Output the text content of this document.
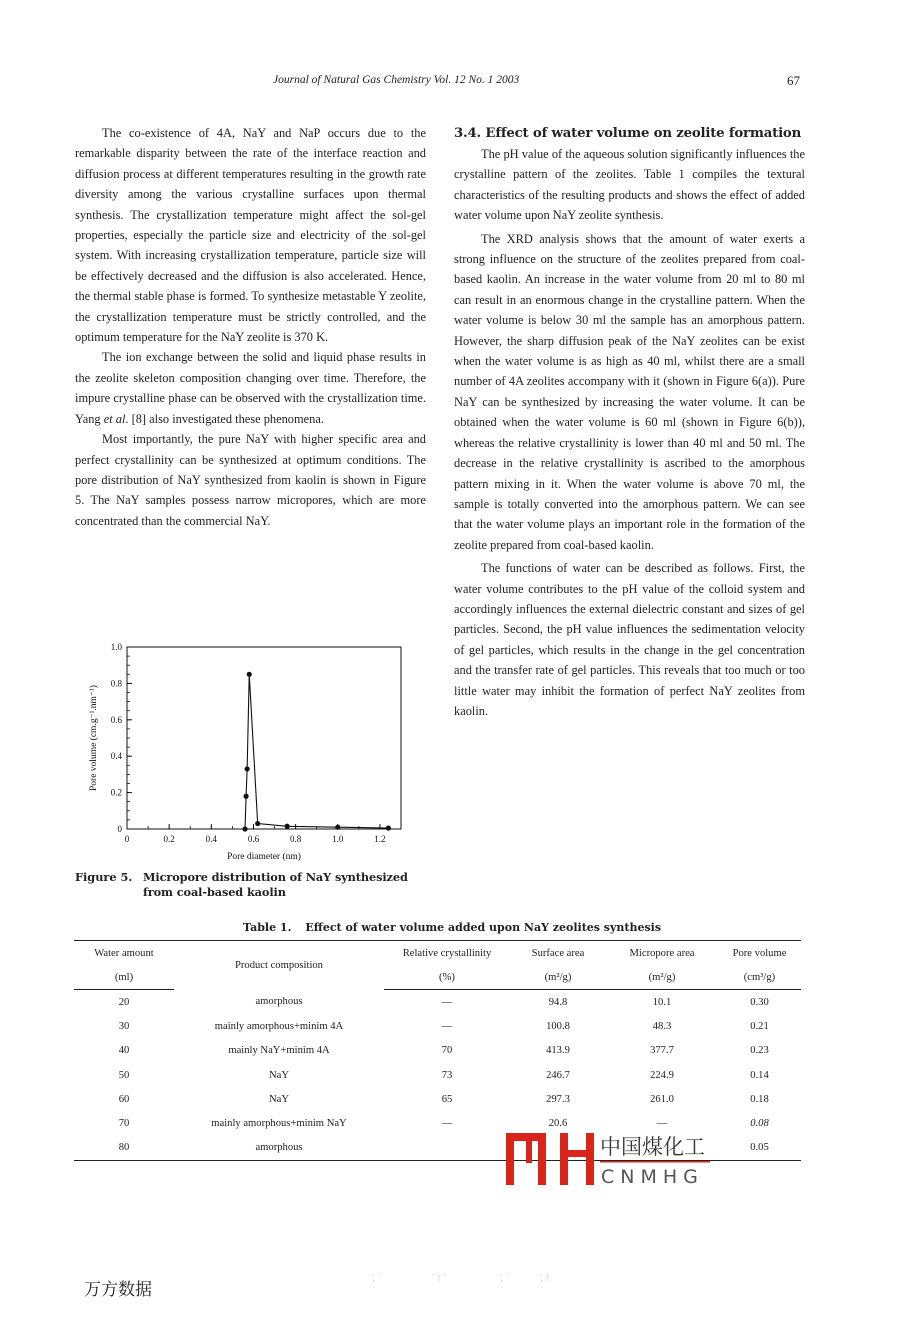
Journal of Natural Gas Chemistry Vol. 12 No. 1 2003	67

The co-existence of 4A, NaY and NaP occurs due to the remarkable disparity between the rate of the interface reaction and diffusion process at different temperatures resulting in the growth rate diversity among the various crystalline surfaces upon thermal synthesis. The crystallization temperature might affect the sol-gel properties, especially the particle size and electricity of the sol-gel system. With increasing crystallization temperature, particle size will be effectively decreased and the diffusion is also accelerated. Hence, the thermal stable phase is formed. To synthesize metastable Y zeolite, the crystallization temperature must be strictly controlled, and the optimum temperature for the NaY zeolite is 370 K.

The ion exchange between the solid and liquid phase results in the zeolite skeleton composition changing over time. Therefore, the impure crystalline phase can be observed with the crystallization time. Yang et al. [8] also investigated these phenomena.

Most importantly, the pure NaY with higher specific area and perfect crystallinity can be synthesized at optimum conditions. The pore distribution of NaY synthesized from kaolin is shown in Figure 5. The NaY samples possess narrow micropores, which are more concentrated than the commercial NaY.

0	0.2	0.4	0.6	0.8	1.0	1.2
0
0.2
0.4
0.6
0.8
1.0
Pore diameter (nm)
Pore volume (cm.g⁻¹.nm⁻¹)
Figure 5. Micropore distribution of NaY synthesized from coal-based kaolin

3.4. Effect of water volume on zeolite formation

The pH value of the aqueous solution significantly influences the crystalline pattern of the zeolites. Table 1 compiles the textural characteristics of the resulting products and shows the effect of added water volume upon NaY zeolite synthesis.

The XRD analysis shows that the amount of water exerts a strong influence on the structure of the zeolites prepared from coal-based kaolin. An increase in the water volume from 20 ml to 80 ml can result in an enormous change in the crystalline pattern. When the water volume is below 30 ml the sample has an amorphous pattern. However, the sharp diffusion peak of the NaY zeolites can be exist when the water volume is as high as 40 ml, whilst there are a small number of 4A zeolites accompany with it (shown in Figure 6(a)). Pure NaY can be synthesized by increasing the water volume. It can be obtained when the water volume is 60 ml (shown in Figure 6(b)), whereas the relative crystallinity is lower than 40 ml and 50 ml. The decrease in the relative crystallinity is ascribed to the amorphous pattern mixing in it. When the water volume is above 70 ml, the sample is totally converted into the amorphous pattern. We can see that the water volume plays an important role in the formation of the zeolite prepared from coal-based kaolin.

The functions of water can be described as follows. First, the water volume contributes to the pH value of the colloid system and accordingly influences the external dielectric constant and sizes of gel particles. Second, the pH value influences the sedimentation velocity of gel particles, which results in the change in the gel concentration and the transfer rate of gel particles. This reveals that too much or too little water may inhibit the formation of perfect NaY zeolites from kaolin.

Table 1. Effect of water volume added upon NaY zeolites synthesis
Water amount	Product composition	Relative crystallinity	Surface area	Micropore area	Pore volume
(ml)		(%)	(m²/g)	(m²/g)	(cm³/g)
20	amorphous	—	94.8	10.1	0.30
30	mainly amorphous+minim 4A	—	100.8	48.3	0.21
40	mainly NaY+minim 4A	70	413.9	377.7	0.23
50	NaY	73	246.7	224.9	0.14
60	NaY	65	297.3	261.0	0.18
70	mainly amorphous+minim NaY	—	20.6	—	0.08
80	amorphous				0.05
中国煤化工
CNMHG
万方数据
⁚ ˙	˙ ⁝ ˙	⁚ ˙	⁚ ⁝
